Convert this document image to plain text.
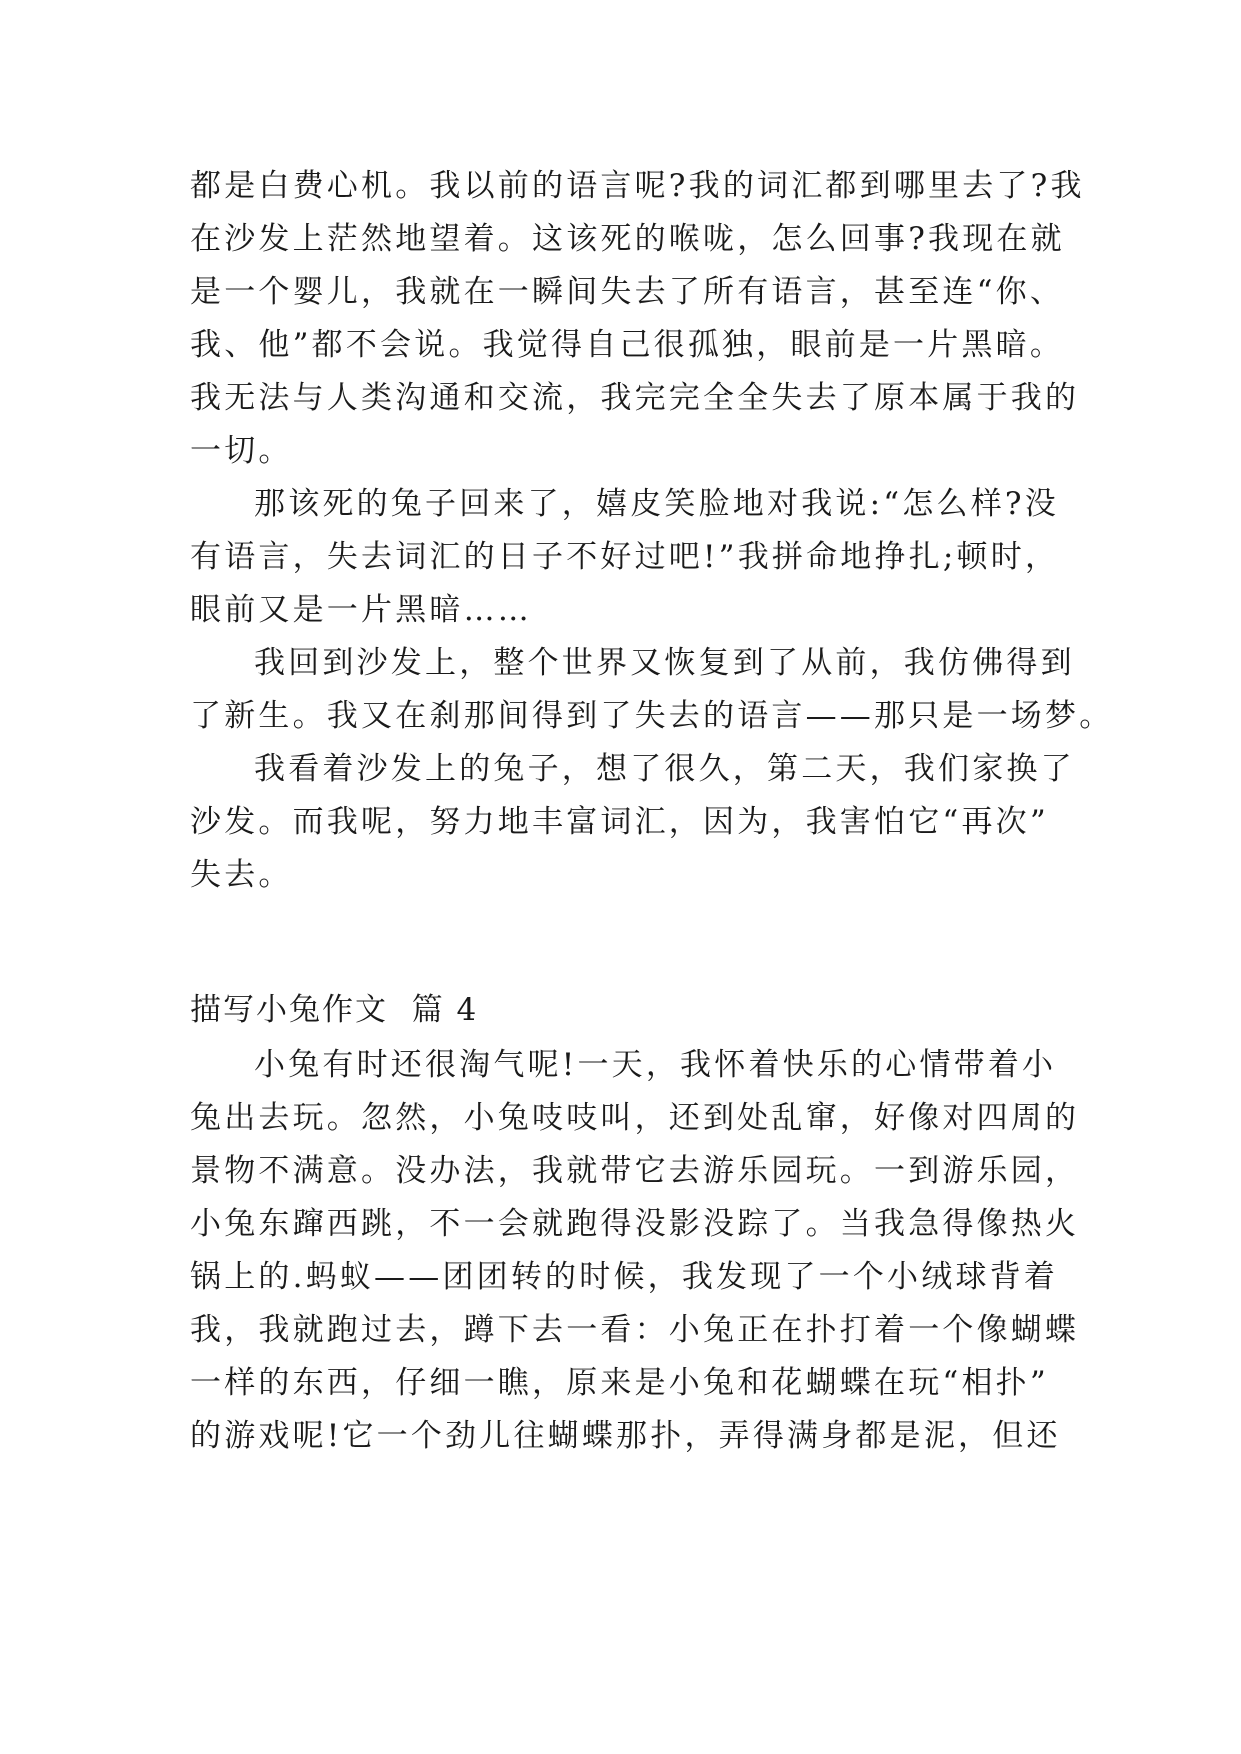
都是白费心机。我以前的语言呢?我的词汇都到哪里去了?我
在沙发上茫然地望着。这该死的喉咙，怎么回事?我现在就
是一个婴儿，我就在一瞬间失去了所有语言，甚至连“你、
我、他”都不会说。我觉得自己很孤独，眼前是一片黑暗。
我无法与人类沟通和交流，我完完全全失去了原本属于我的
一切。
那该死的兔子回来了，嬉皮笑脸地对我说:“怎么样?没
有语言，失去词汇的日子不好过吧!”我拼命地挣扎;顿时，
眼前又是一片黑暗……
我回到沙发上，整个世界又恢复到了从前，我仿佛得到
了新生。我又在刹那间得到了失去的语言——那只是一场梦。
我看着沙发上的兔子，想了很久，第二天，我们家换了
沙发。而我呢，努力地丰富词汇，因为，我害怕它“再次”
失去。
描写小兔作文  篇 4
小兔有时还很淘气呢!一天，我怀着快乐的心情带着小
兔出去玩。忽然，小兔吱吱叫，还到处乱窜，好像对四周的
景物不满意。没办法，我就带它去游乐园玩。一到游乐园，
小兔东蹿西跳，不一会就跑得没影没踪了。当我急得像热火
锅上的.蚂蚁——团团转的时候，我发现了一个小绒球背着
我，我就跑过去，蹲下去一看：小兔正在扑打着一个像蝴蝶
一样的东西，仔细一瞧，原来是小兔和花蝴蝶在玩“相扑”
的游戏呢!它一个劲儿往蝴蝶那扑，弄得满身都是泥，但还
